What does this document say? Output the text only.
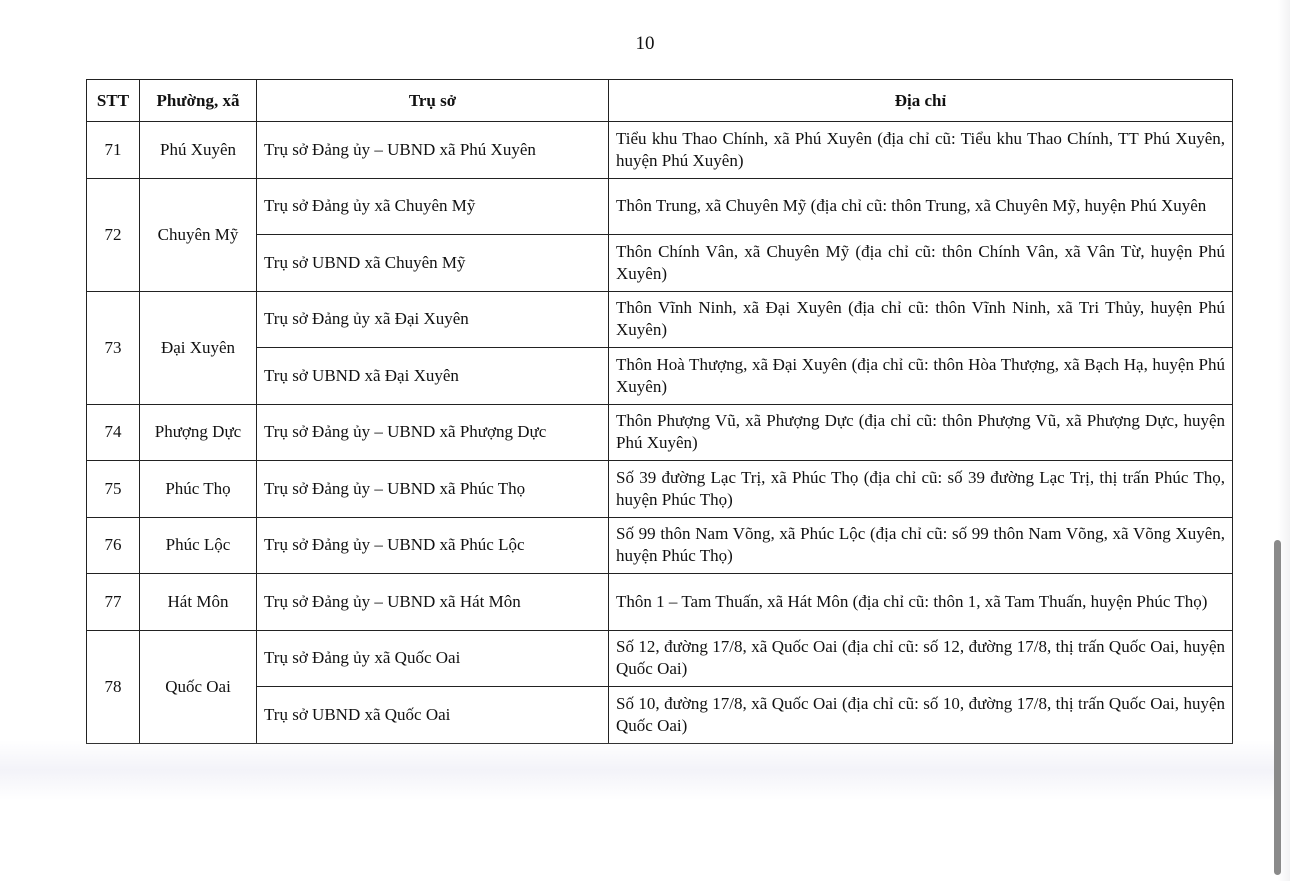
10
STT	Phường, xã	Trụ sở	Địa chỉ
71	Phú Xuyên	Trụ sở Đảng ủy – UBND xã Phú Xuyên	Tiểu khu Thao Chính, xã Phú Xuyên (địa chỉ cũ: Tiểu khu Thao Chính, TT Phú Xuyên, huyện Phú Xuyên)
72	Chuyên Mỹ	Trụ sở Đảng ủy xã Chuyên Mỹ	Thôn Trung, xã Chuyên Mỹ (địa chỉ cũ: thôn Trung, xã Chuyên Mỹ, huyện Phú Xuyên
		Trụ sở UBND xã Chuyên Mỹ	Thôn Chính Vân, xã Chuyên Mỹ (địa chỉ cũ: thôn Chính Vân, xã Vân Từ, huyện Phú Xuyên)
73	Đại Xuyên	Trụ sở Đảng ủy xã Đại Xuyên	Thôn Vĩnh Ninh, xã Đại Xuyên (địa chỉ cũ: thôn Vĩnh Ninh, xã Tri Thủy, huyện Phú Xuyên)
		Trụ sở UBND xã Đại Xuyên	Thôn Hoà Thượng, xã Đại Xuyên (địa chỉ cũ: thôn Hòa Thượng, xã Bạch Hạ, huyện Phú Xuyên)
74	Phượng Dực	Trụ sở Đảng ủy – UBND xã Phượng Dực	Thôn Phượng Vũ, xã Phượng Dực (địa chỉ cũ: thôn Phượng Vũ, xã Phượng Dực, huyện Phú Xuyên)
75	Phúc Thọ	Trụ sở Đảng ủy – UBND xã Phúc Thọ	Số 39 đường Lạc Trị, xã Phúc Thọ (địa chỉ cũ: số 39 đường Lạc Trị, thị trấn Phúc Thọ, huyện Phúc Thọ)
76	Phúc Lộc	Trụ sở Đảng ủy – UBND xã Phúc Lộc	Số 99 thôn Nam Võng, xã Phúc Lộc (địa chỉ cũ: số 99 thôn Nam Võng, xã Võng Xuyên, huyện Phúc Thọ)
77	Hát Môn	Trụ sở Đảng ủy – UBND xã Hát Môn	Thôn 1 – Tam Thuấn, xã Hát Môn (địa chỉ cũ: thôn 1, xã Tam Thuấn, huyện Phúc Thọ)
78	Quốc Oai	Trụ sở Đảng ủy xã Quốc Oai	Số 12, đường 17/8, xã Quốc Oai (địa chỉ cũ: số 12, đường 17/8, thị trấn Quốc Oai, huyện Quốc Oai)
		Trụ sở UBND xã Quốc Oai	Số 10, đường 17/8, xã Quốc Oai (địa chỉ cũ: số 10, đường 17/8, thị trấn Quốc Oai, huyện Quốc Oai)
